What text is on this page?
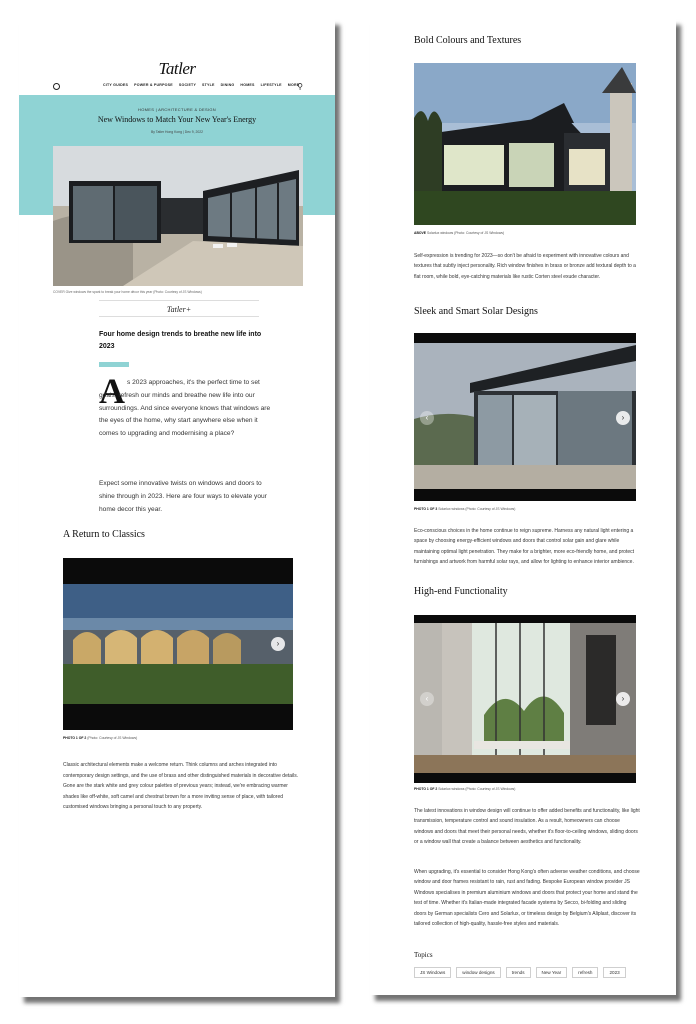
Tatler
CITY GUIDES POWER & PURPOSE SOCIETY STYLE DINING HOMES LIFESTYLE MORE
⚲
HOMES | ARCHITECTURE & DESIGN
New Windows to Match Your New Year's Energy
By Tatler Hong Kong | Dec 9, 2022
COVER Give windows the spark to break your home décor this year (Photo: Courtesy of JS Windows)
Tatler+
Four home design trends to breathe new life into 2023
A s 2023 approaches, it's the perfect time to set goals, refresh our minds and breathe new life into our surroundings. And since everyone knows that windows are the eyes of the home, why start anywhere else when it comes to upgrading and modernising a place?
Expect some innovative twists on windows and doors to shine through in 2023. Here are four ways to elevate your home decor this year.
A Return to Classics
›
PHOTO 1 OF 2 (Photo: Courtesy of JS Windows)
Classic architectural elements make a welcome return. Think columns and arches integrated into contemporary design settings, and the use of brass and other distinguished materials in decorative details. Gone are the stark white and grey colour palettes of previous years; instead, we're embracing warmer shades like off-white, soft camel and chestnut brown for a more inviting sense of place, with tailored customised windows bringing a personal touch to any property.
Bold Colours and Textures
ABOVE Solarlux windows (Photo: Courtesy of JS Windows)
Self-expression is trending for 2023—so don't be afraid to experiment with innovative colours and textures that subtly inject personality. Rich window finishes in brass or bronze add textural depth to a flat room, while bold, eye-catching materials like rustic Corten steel exude character.
Sleek and Smart Solar Designs
‹	›
PHOTO 1 OF 3 Solarlux windows (Photo: Courtesy of JS Windows)
Eco-conscious choices in the home continue to reign supreme. Harness any natural light entering a space by choosing energy-efficient windows and doors that control solar gain and glare while maintaining optimal light penetration. They make for a brighter, more eco-friendly home, and protect furnishings and artwork from harmful solar rays, and allow for lighting to enhance interior ambience.
High-end Functionality
‹	›
PHOTO 1 OF 2 Solarlux windows (Photo: Courtesy of JS Windows)
The latest innovations in window design will continue to offer added benefits and functionality, like light transmission, temperature control and sound insulation. As a result, homeowners can choose windows and doors that meet their personal needs, whether it's floor-to-ceiling windows, sliding doors or a window wall that create a balance between aesthetics and functionality.
When upgrading, it's essential to consider Hong Kong's often adverse weather conditions, and choose window and door frames resistant to rain, rust and fading. Bespoke European window provider JS Windows specialises in premium aluminium windows and doors that protect your home and stand the test of time. Whether it's Italian-made integrated facade systems by Secco, bi-folding and sliding doors by German specialists Cero and Solarlux, or timeless design by Belgium's Aliplast, discover its tailored collection of high-quality, hassle-free styles and materials.
Topics
JS Windows	window designs	trends	New Year	refresh	2023
